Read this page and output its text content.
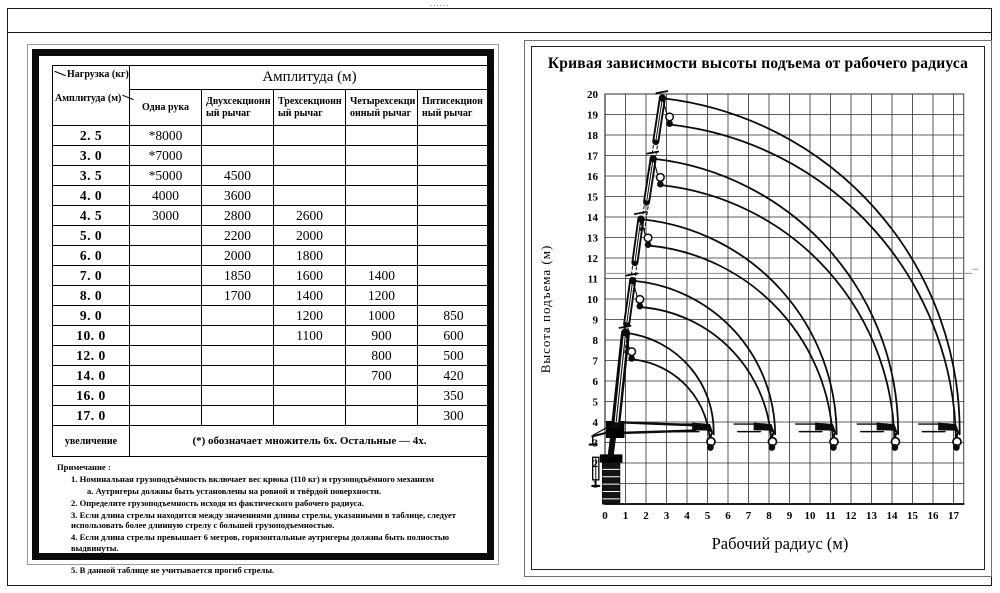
......
Нагрузка (кг)
Амплитуда (м)	Амплитуда (м)				
	Одна рука	Двухсекционный рычаг	Трехсекционный рычаг	Четырехсекционный рычаг	Пятисекционный рычаг
2. 5	*8000				
3. 0	*7000				
3. 5	*5000	4500			
4. 0	4000	3600			
4. 5	3000	2800	2600		
5. 0		2200	2000		
6. 0		2000	1800		
7. 0		1850	1600	1400	
8. 0		1700	1400	1200	
9. 0			1200	1000	850
10. 0			1100	900	600
12. 0				800	500
14. 0				700	420
16. 0					350
17. 0					300
увеличение	(*) обозначает множитель 6х. Остальные — 4х.				
Примечание :
1. Номинальная грузоподъёмность включает вес крюка (110 кг) и грузоподъёмного механизм
a. Аутригеры должны быть установлены на ровной и твёрдой поверхности.
2. Определите грузоподъемность исходя из фактического рабочего радиуса.
3. Если длина стрелы находится между значениями длины стрелы, указанными в таблице, следует использовать более длинную стрелу с большей грузоподъемностью.
4. Если длина стрелы превышает 6 метров, горизонтальные аутригеры должны быть полностью выдвинуты.
5. В данной таблице не учитывается прогиб стрелы.
Кривая зависимости высоты подъема от рабочего радиуса
Высота подъема (м)
1
2
3
4
5
6
7
8
9
10
11
12
13
14
15
16
17
18
19
20
0 1 2 3 4 5 6 7 8 9 10 11 12 13 14 15 16 17
Рабочий радиус (м)
